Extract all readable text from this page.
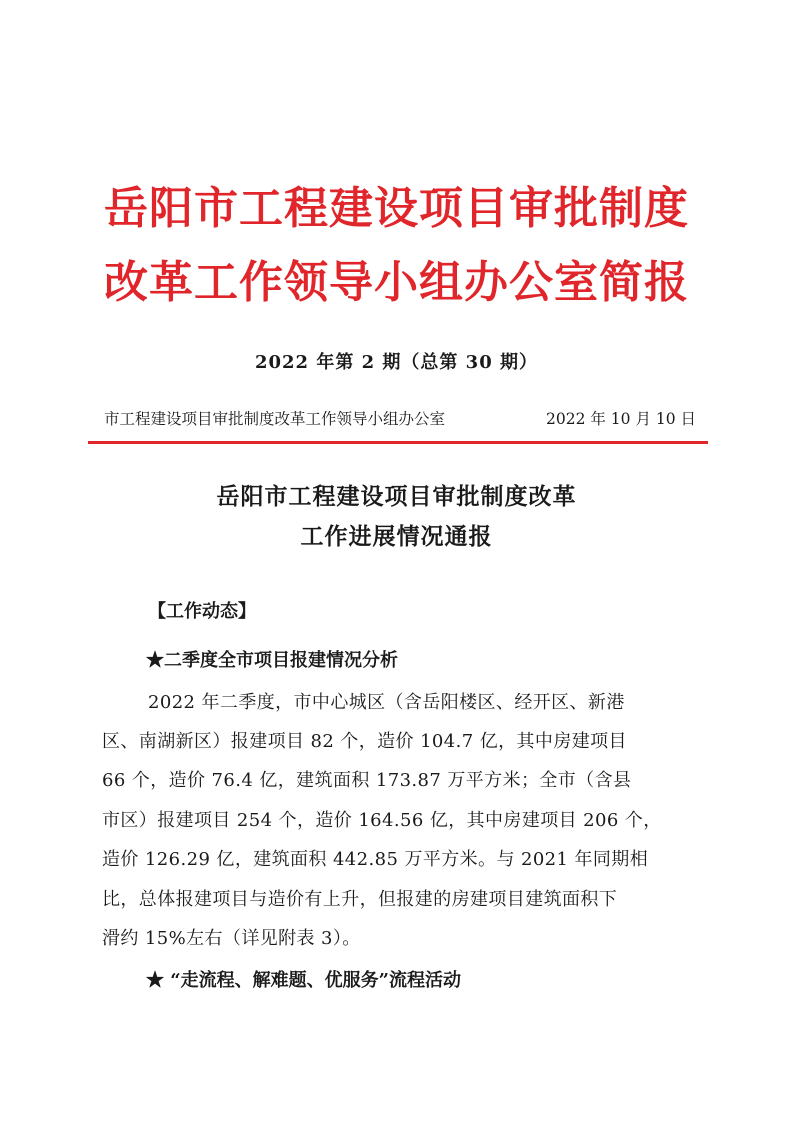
岳阳市工程建设项目审批制度
改革工作领导小组办公室简报
2022 年第 2 期（总第 30 期）
市工程建设项目审批制度改革工作领导小组办公室	2022 年 10 月 10 日
岳阳市工程建设项目审批制度改革
工作进展情况通报
【工作动态】
★二季度全市项目报建情况分析
2022 年二季度，市中心城区（含岳阳楼区、经开区、新港
区、南湖新区）报建项目 82 个，造价 104.7 亿，其中房建项目
66 个，造价 76.4 亿，建筑面积 173.87 万平方米；全市（含县
市区）报建项目 254 个，造价 164.56 亿，其中房建项目 206 个，
造价 126.29 亿，建筑面积 442.85 万平方米。与 2021 年同期相
比，总体报建项目与造价有上升，但报建的房建项目建筑面积下
滑约 15%左右（详见附表 3）。
★ “走流程、解难题、优服务”流程活动
